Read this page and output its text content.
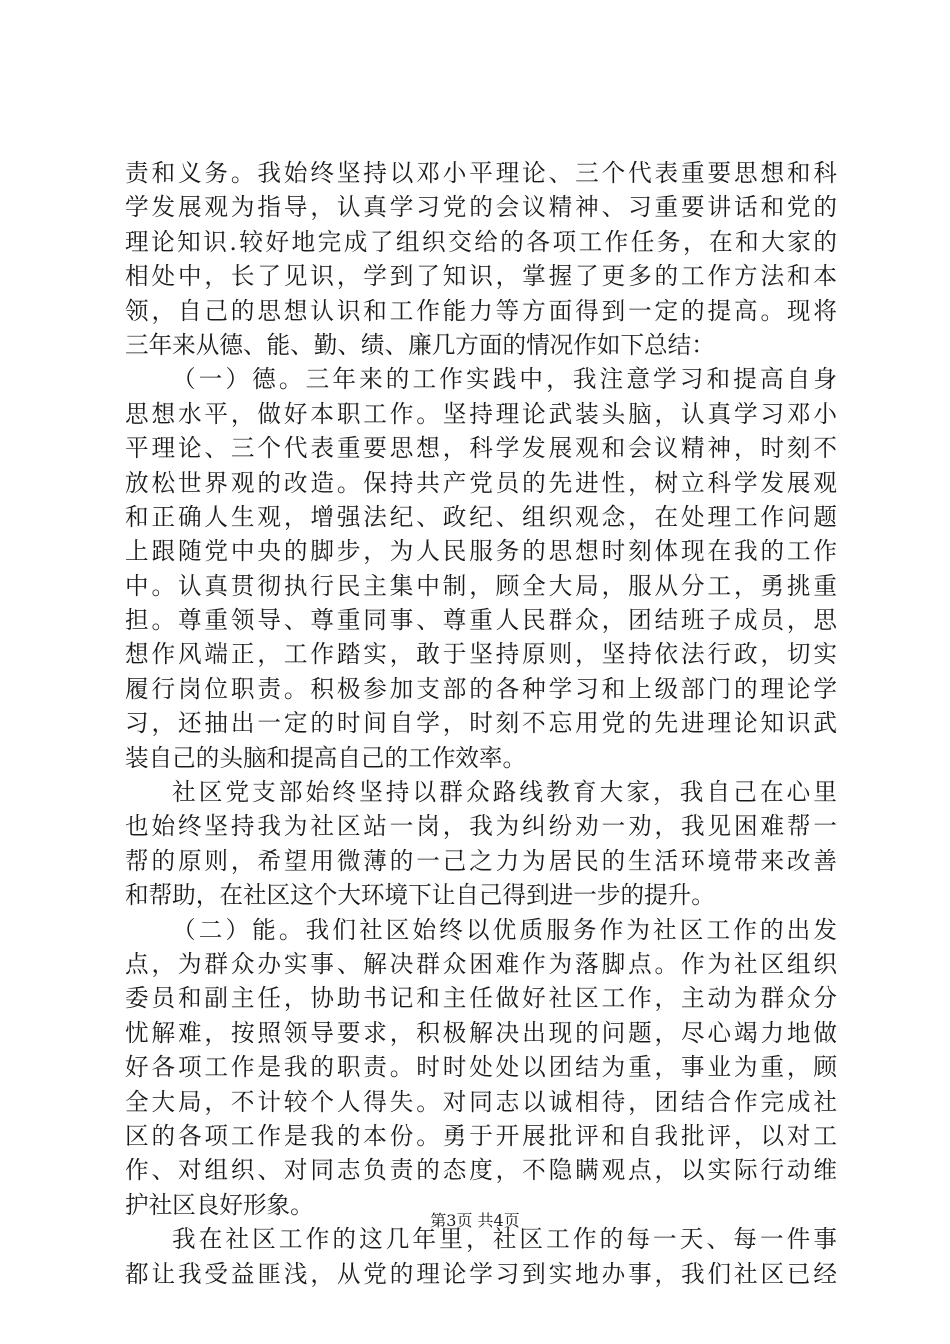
责和义务。我始终坚持以邓小平理论、三个代表重要思想和科
学发展观为指导，认真学习党的会议精神、习重要讲话和党的
理论知识.较好地完成了组织交给的各项工作任务，在和大家的
相处中，长了见识，学到了知识，掌握了更多的工作方法和本
领，自己的思想认识和工作能力等方面得到一定的提高。现将
三年来从德、能、勤、绩、廉几方面的情况作如下总结：
（一）德。三年来的工作实践中，我注意学习和提高自身
思想水平，做好本职工作。坚持理论武装头脑，认真学习邓小
平理论、三个代表重要思想，科学发展观和会议精神，时刻不
放松世界观的改造。保持共产党员的先进性，树立科学发展观
和正确人生观，增强法纪、政纪、组织观念，在处理工作问题
上跟随党中央的脚步，为人民服务的思想时刻体现在我的工作
中。认真贯彻执行民主集中制，顾全大局，服从分工，勇挑重
担。尊重领导、尊重同事、尊重人民群众，团结班子成员，思
想作风端正，工作踏实，敢于坚持原则，坚持依法行政，切实
履行岗位职责。积极参加支部的各种学习和上级部门的理论学
习，还抽出一定的时间自学，时刻不忘用党的先进理论知识武
装自己的头脑和提高自己的工作效率。
社区党支部始终坚持以群众路线教育大家，我自己在心里
也始终坚持我为社区站一岗，我为纠纷劝一劝，我见困难帮一
帮的原则，希望用微薄的一己之力为居民的生活环境带来改善
和帮助，在社区这个大环境下让自己得到进一步的提升。
（二）能。我们社区始终以优质服务作为社区工作的出发
点，为群众办实事、解决群众困难作为落脚点。作为社区组织
委员和副主任，协助书记和主任做好社区工作，主动为群众分
忧解难，按照领导要求，积极解决出现的问题，尽心竭力地做
好各项工作是我的职责。时时处处以团结为重，事业为重，顾
全大局，不计较个人得失。对同志以诚相待，团结合作完成社
区的各项工作是我的本份。勇于开展批评和自我批评，以对工
作、对组织、对同志负责的态度，不隐瞒观点，以实际行动维
护社区良好形象。
我在社区工作的这几年里，社区工作的每一天、每一件事
都让我受益匪浅，从党的理论学习到实地办事，我们社区已经
第3页 共4页
